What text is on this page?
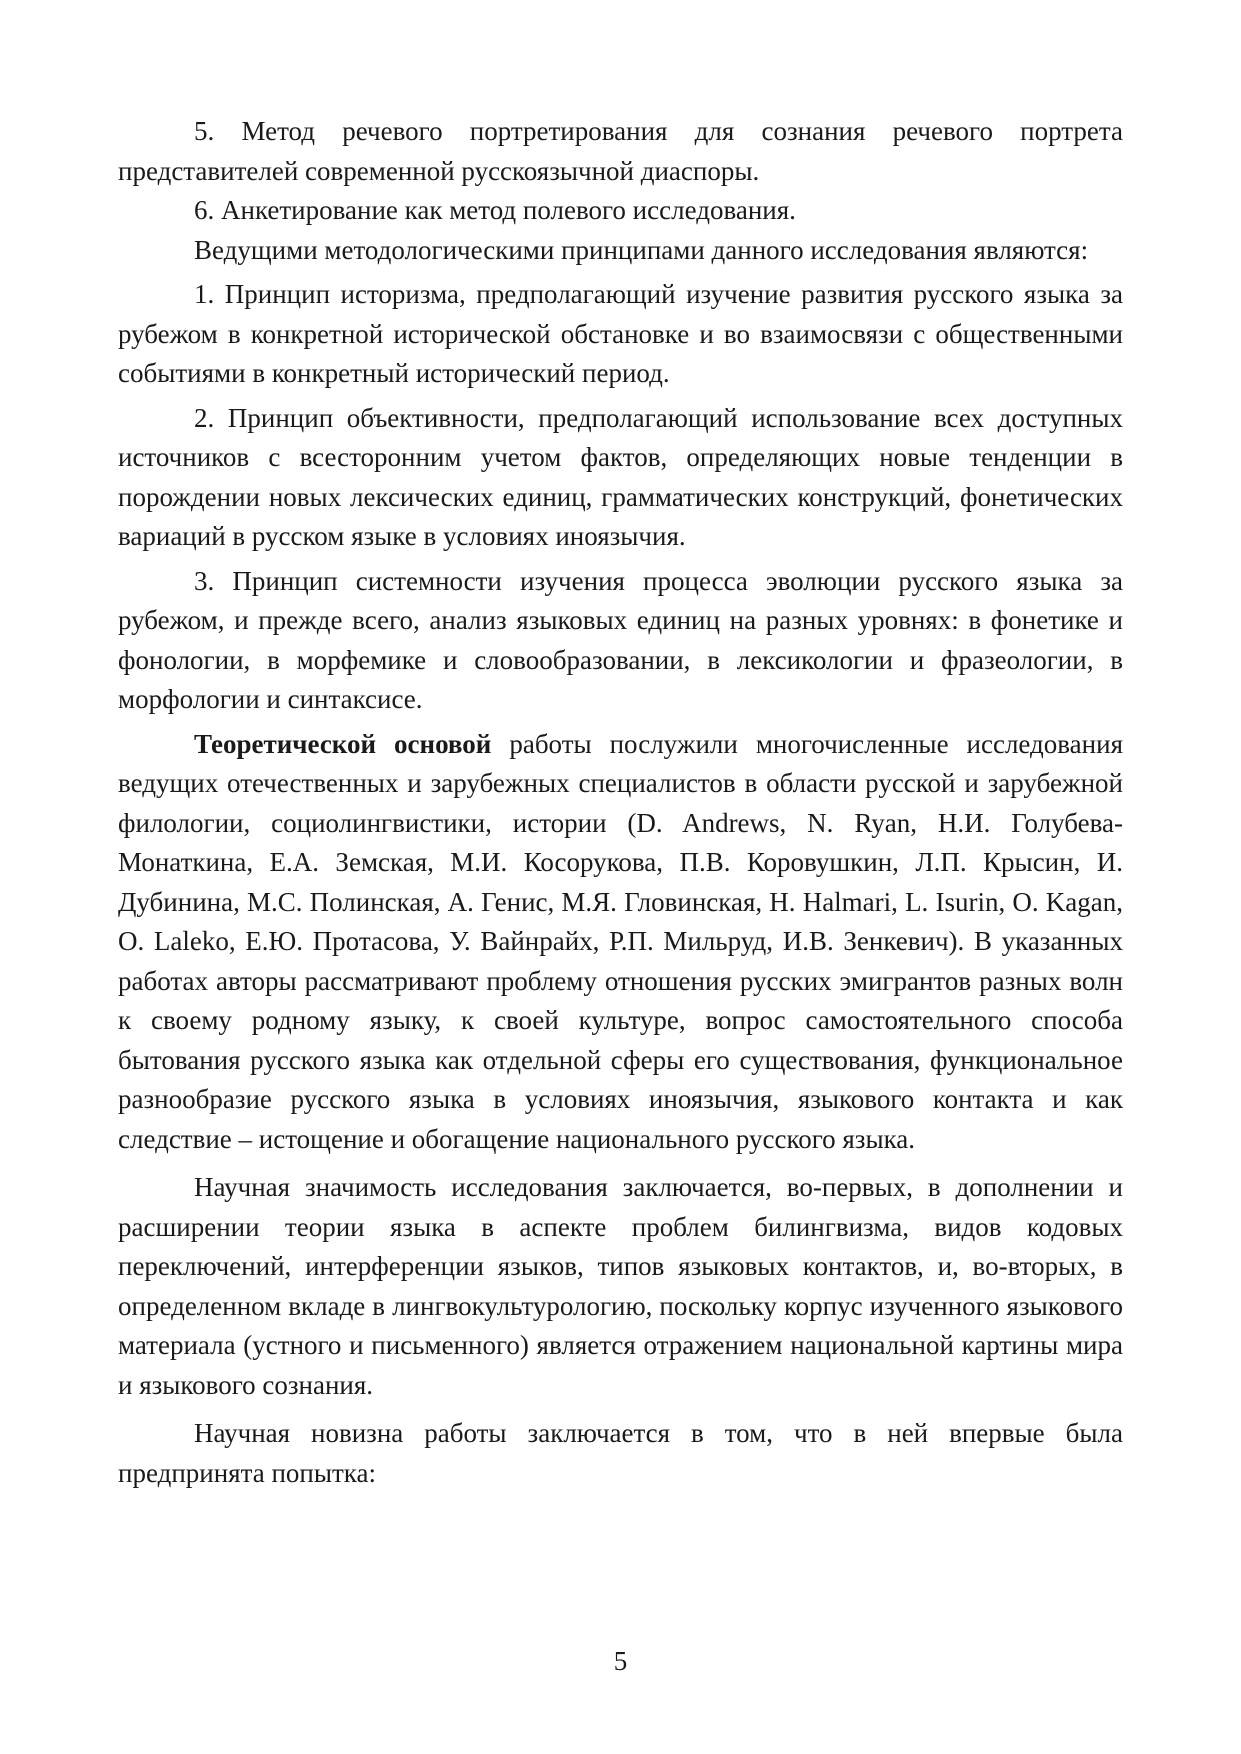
5. Метод речевого портретирования для сознания речевого портрета представителей современной русскоязычной диаспоры.

6. Анкетирование как метод полевого исследования.

Ведущими методологическими принципами данного исследования являются:

1. Принцип историзма, предполагающий изучение развития русского языка за рубежом в конкретной исторической обстановке и во взаимосвязи с общественными событиями в конкретный исторический период.

2. Принцип объективности, предполагающий использование всех доступных источников с всесторонним учетом фактов, определяющих новые тенденции в порождении новых лексических единиц, грамматических конструкций, фонетических вариаций в русском языке в условиях иноязычия.

3. Принцип системности изучения процесса эволюции русского языка за рубежом, и прежде всего, анализ языковых единиц на разных уровнях: в фонетике и фонологии, в морфемике и словообразовании, в лексикологии и фразеологии, в морфологии и синтаксисе.

Теоретической основой работы послужили многочисленные исследования ведущих отечественных и зарубежных специалистов в области русской и зарубежной филологии, социолингвистики, истории (D. Andrews, N. Ryan, Н.И. Голубева-Монаткина, Е.А. Земская, М.И. Косорукова, П.В. Коровушкин, Л.П. Крысин, И. Дубинина, М.С. Полинская, А. Генис, М.Я. Гловинская, H. Halmari, L. Isurin, O. Kagan, O. Laleko, Е.Ю. Протасова, У. Вайнрайх, Р.П. Мильруд, И.В. Зенкевич). В указанных работах авторы рассматривают проблему отношения русских эмигрантов разных волн к своему родному языку, к своей культуре, вопрос самостоятельного способа бытования русского языка как отдельной сферы его существования, функциональное разнообразие русского языка в условиях иноязычия, языкового контакта и как следствие – истощение и обогащение национального русского языка.

Научная значимость исследования заключается, во-первых, в дополнении и расширении теории языка в аспекте проблем билингвизма, видов кодовых переключений, интерференции языков, типов языковых контактов, и, во-вторых, в определенном вкладе в лингвокультурологию, поскольку корпус изученного языкового материала (устного и письменного) является отражением национальной картины мира и языкового сознания.

Научная новизна работы заключается в том, что в ней впервые была предпринята попытка:

5
